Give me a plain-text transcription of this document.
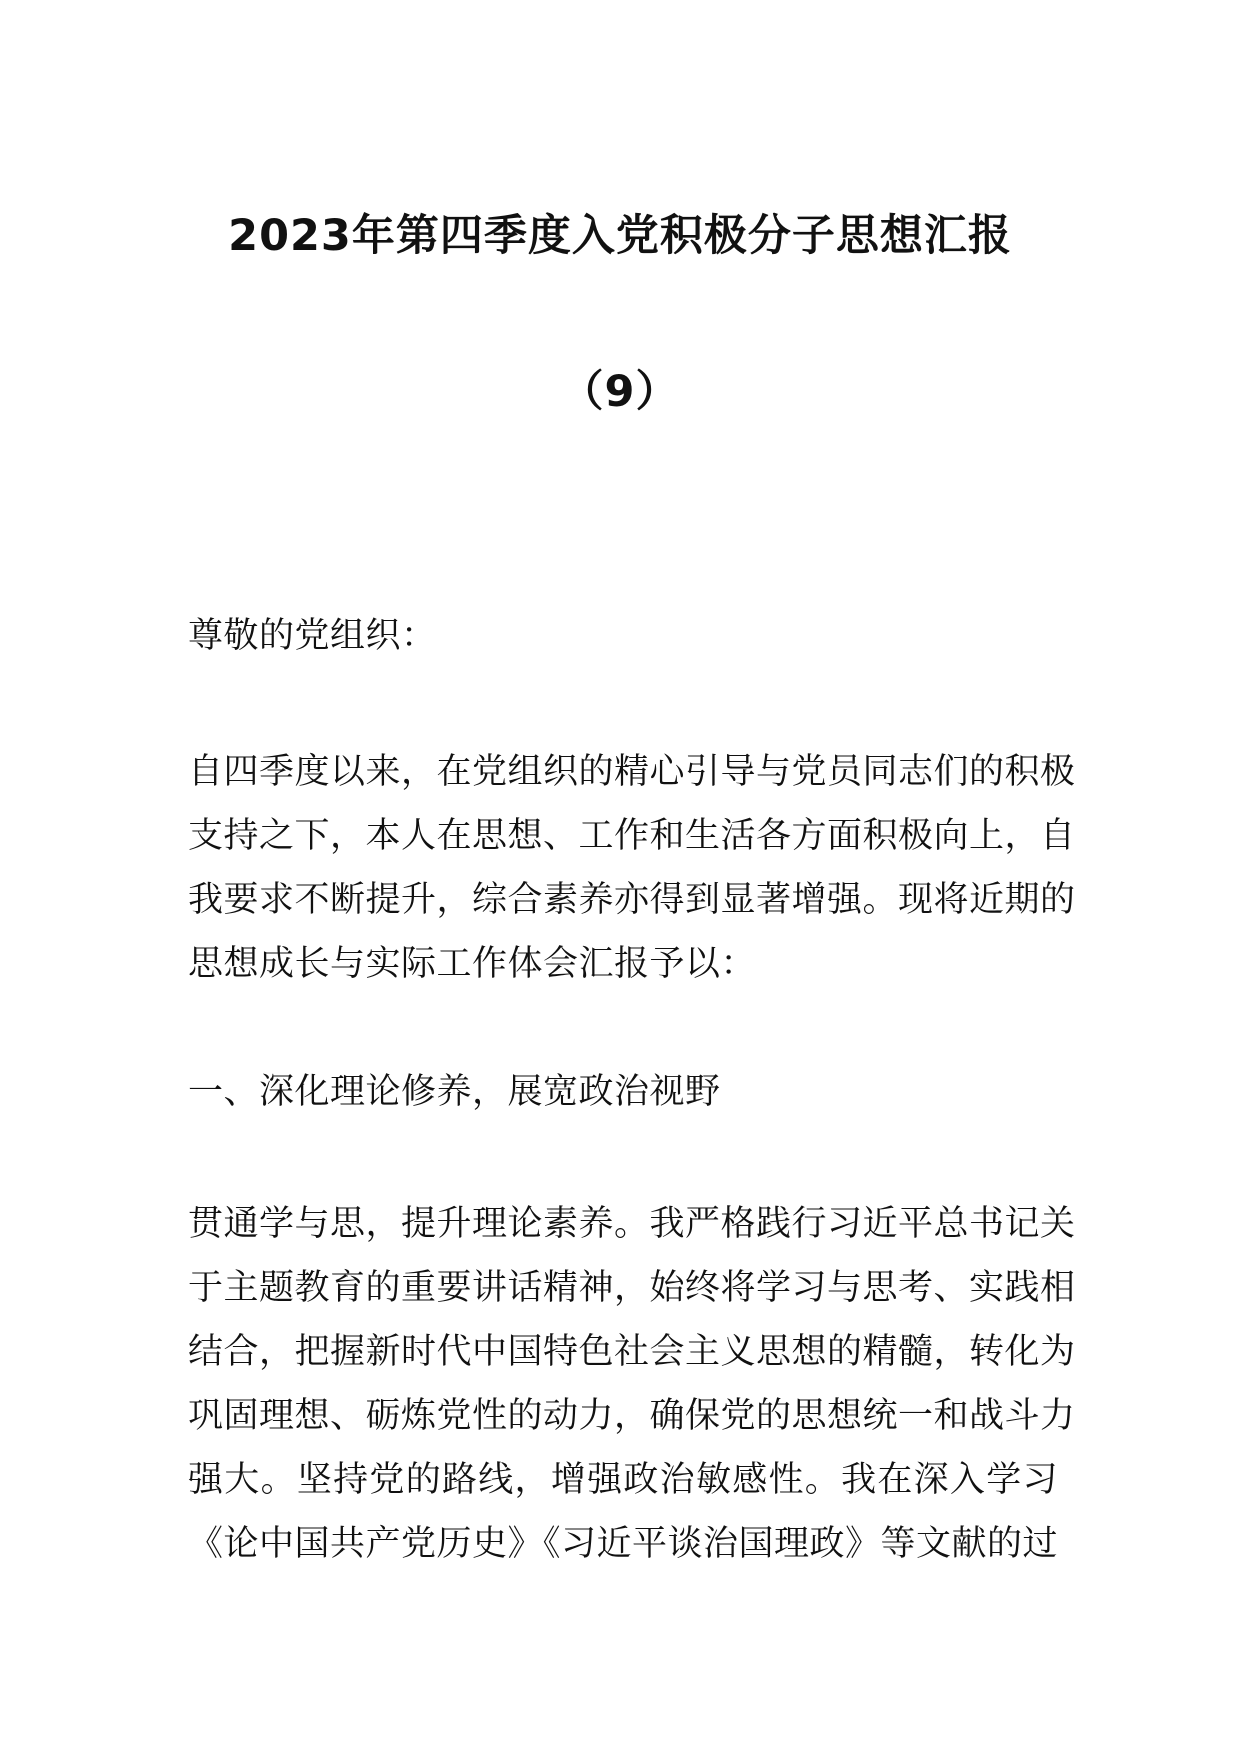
2023年第四季度入党积极分子思想汇报
（9）

尊敬的党组织：

自四季度以来，在党组织的精心引导与党员同志们的积极
支持之下，本人在思想、工作和生活各方面积极向上，自
我要求不断提升，综合素养亦得到显著增强。现将近期的
思想成长与实际工作体会汇报予以：

一、深化理论修养，展宽政治视野

贯通学与思，提升理论素养。我严格践行习近平总书记关
于主题教育的重要讲话精神，始终将学习与思考、实践相
结合，把握新时代中国特色社会主义思想的精髓，转化为
巩固理想、砺炼党性的动力，确保党的思想统一和战斗力
强大。坚持党的路线，增强政治敏感性。我在深入学习
《论中国共产党历史》《习近平谈治国理政》等文献的过
